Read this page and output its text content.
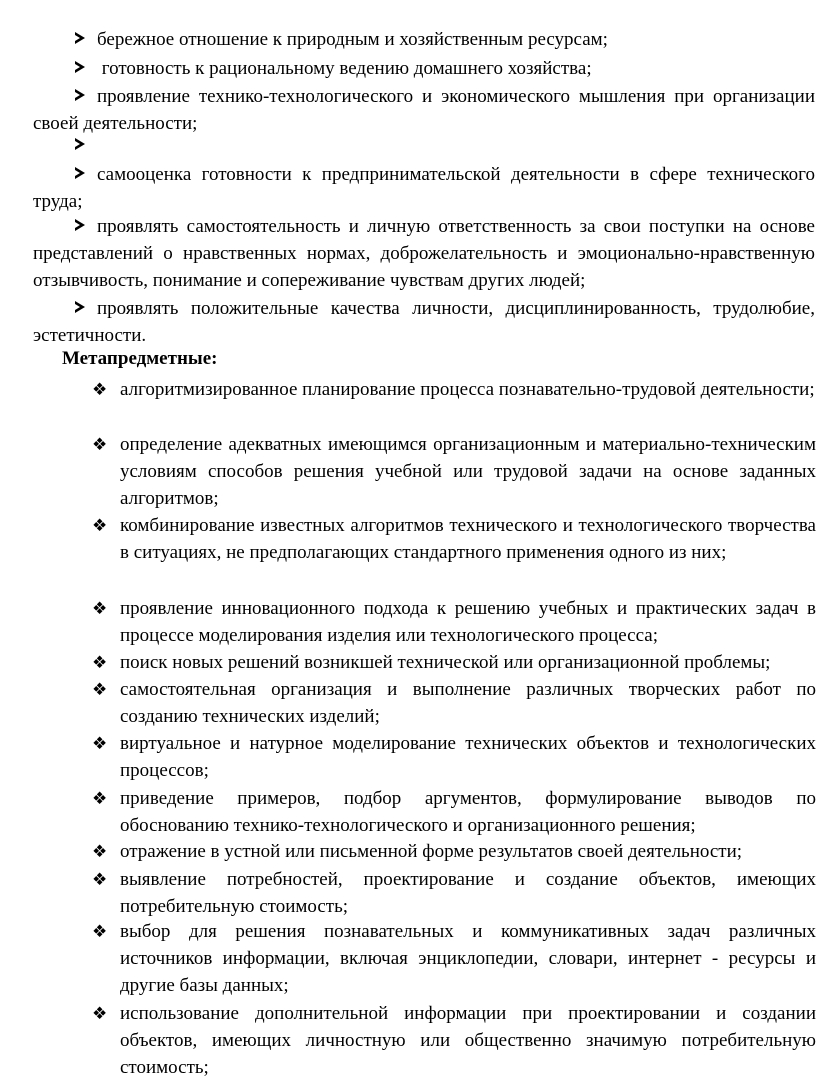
бережное отношение к природным и хозяйственным ресурсам;

готовность к рациональному ведению домашнего хозяйства;

проявление технико-технологического и экономического мышления при организации своей деятельности;

самооценка готовности к предпринимательской деятельности в сфере технического труда;

проявлять самостоятельность и личную ответственность за свои поступки на основе представлений о нравственных нормах, доброжелательность и эмоционально-нравственную отзывчивость, понимание и сопереживание чувствам других людей;

проявлять положительные качества личности, дисциплинированность, трудолюбие, эстетичности.

Метапредметные:

❖ алгоритмизированное планирование процесса познавательно-трудовой деятельности;
❖ определение адекватных имеющимся организационным и материально-техническим условиям способов решения учебной или трудовой задачи на основе заданных алгоритмов;
❖ комбинирование известных алгоритмов технического и технологического творчества в ситуациях, не предполагающих стандартного применения одного из них;
❖ проявление инновационного подхода к решению учебных и практических задач в процессе моделирования изделия или технологического процесса;
❖ поиск новых решений возникшей технической или организационной проблемы;
❖ самостоятельная организация и выполнение различных творческих работ по созданию технических изделий;
❖ виртуальное и натурное моделирование технических объектов и технологических процессов;
❖ приведение примеров, подбор аргументов, формулирование выводов по обоснованию технико-технологического и организационного решения;
❖ отражение в устной или письменной форме результатов своей деятельности;
❖ выявление потребностей, проектирование и создание объектов, имеющих потребительную стоимость;
❖ выбор для решения познавательных и коммуникативных задач различных источников информации, включая энциклопедии, словари, интернет - ресурсы и другие базы данных;
❖ использование дополнительной информации при проектировании и создании объектов, имеющих личностную или общественно значимую потребительную стоимость;
